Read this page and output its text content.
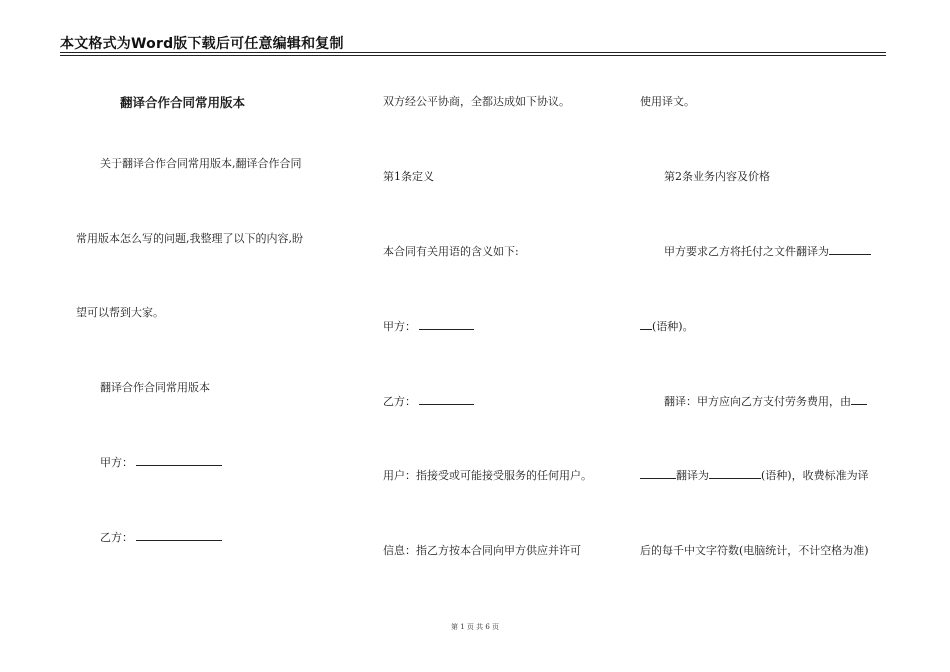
本文格式为Word版下载后可任意编辑和复制
翻译合作合同常用版本
关于翻译合作合同常用版本,翻译合作合同
常用版本怎么写的问题,我整理了以下的内容,盼
望可以帮到大家。
翻译合作合同常用版本
甲方：
乙方：
双方经公平协商，全都达成如下协议。
第1条定义
本合同有关用语的含义如下:
甲方：
乙方：
用户：指接受或可能接受服务的任何用户。
信息：指乙方按本合同向甲方供应并许可
使用译文。
第2条业务内容及价格
甲方要求乙方将托付之文件翻译为
(语种)。
翻译：甲方应向乙方支付劳务费用，由
翻译为	(语种)，收费标准为译
后的每千中文字符数(电脑统计，不计空格为准)
第 1 页 共 6 页
